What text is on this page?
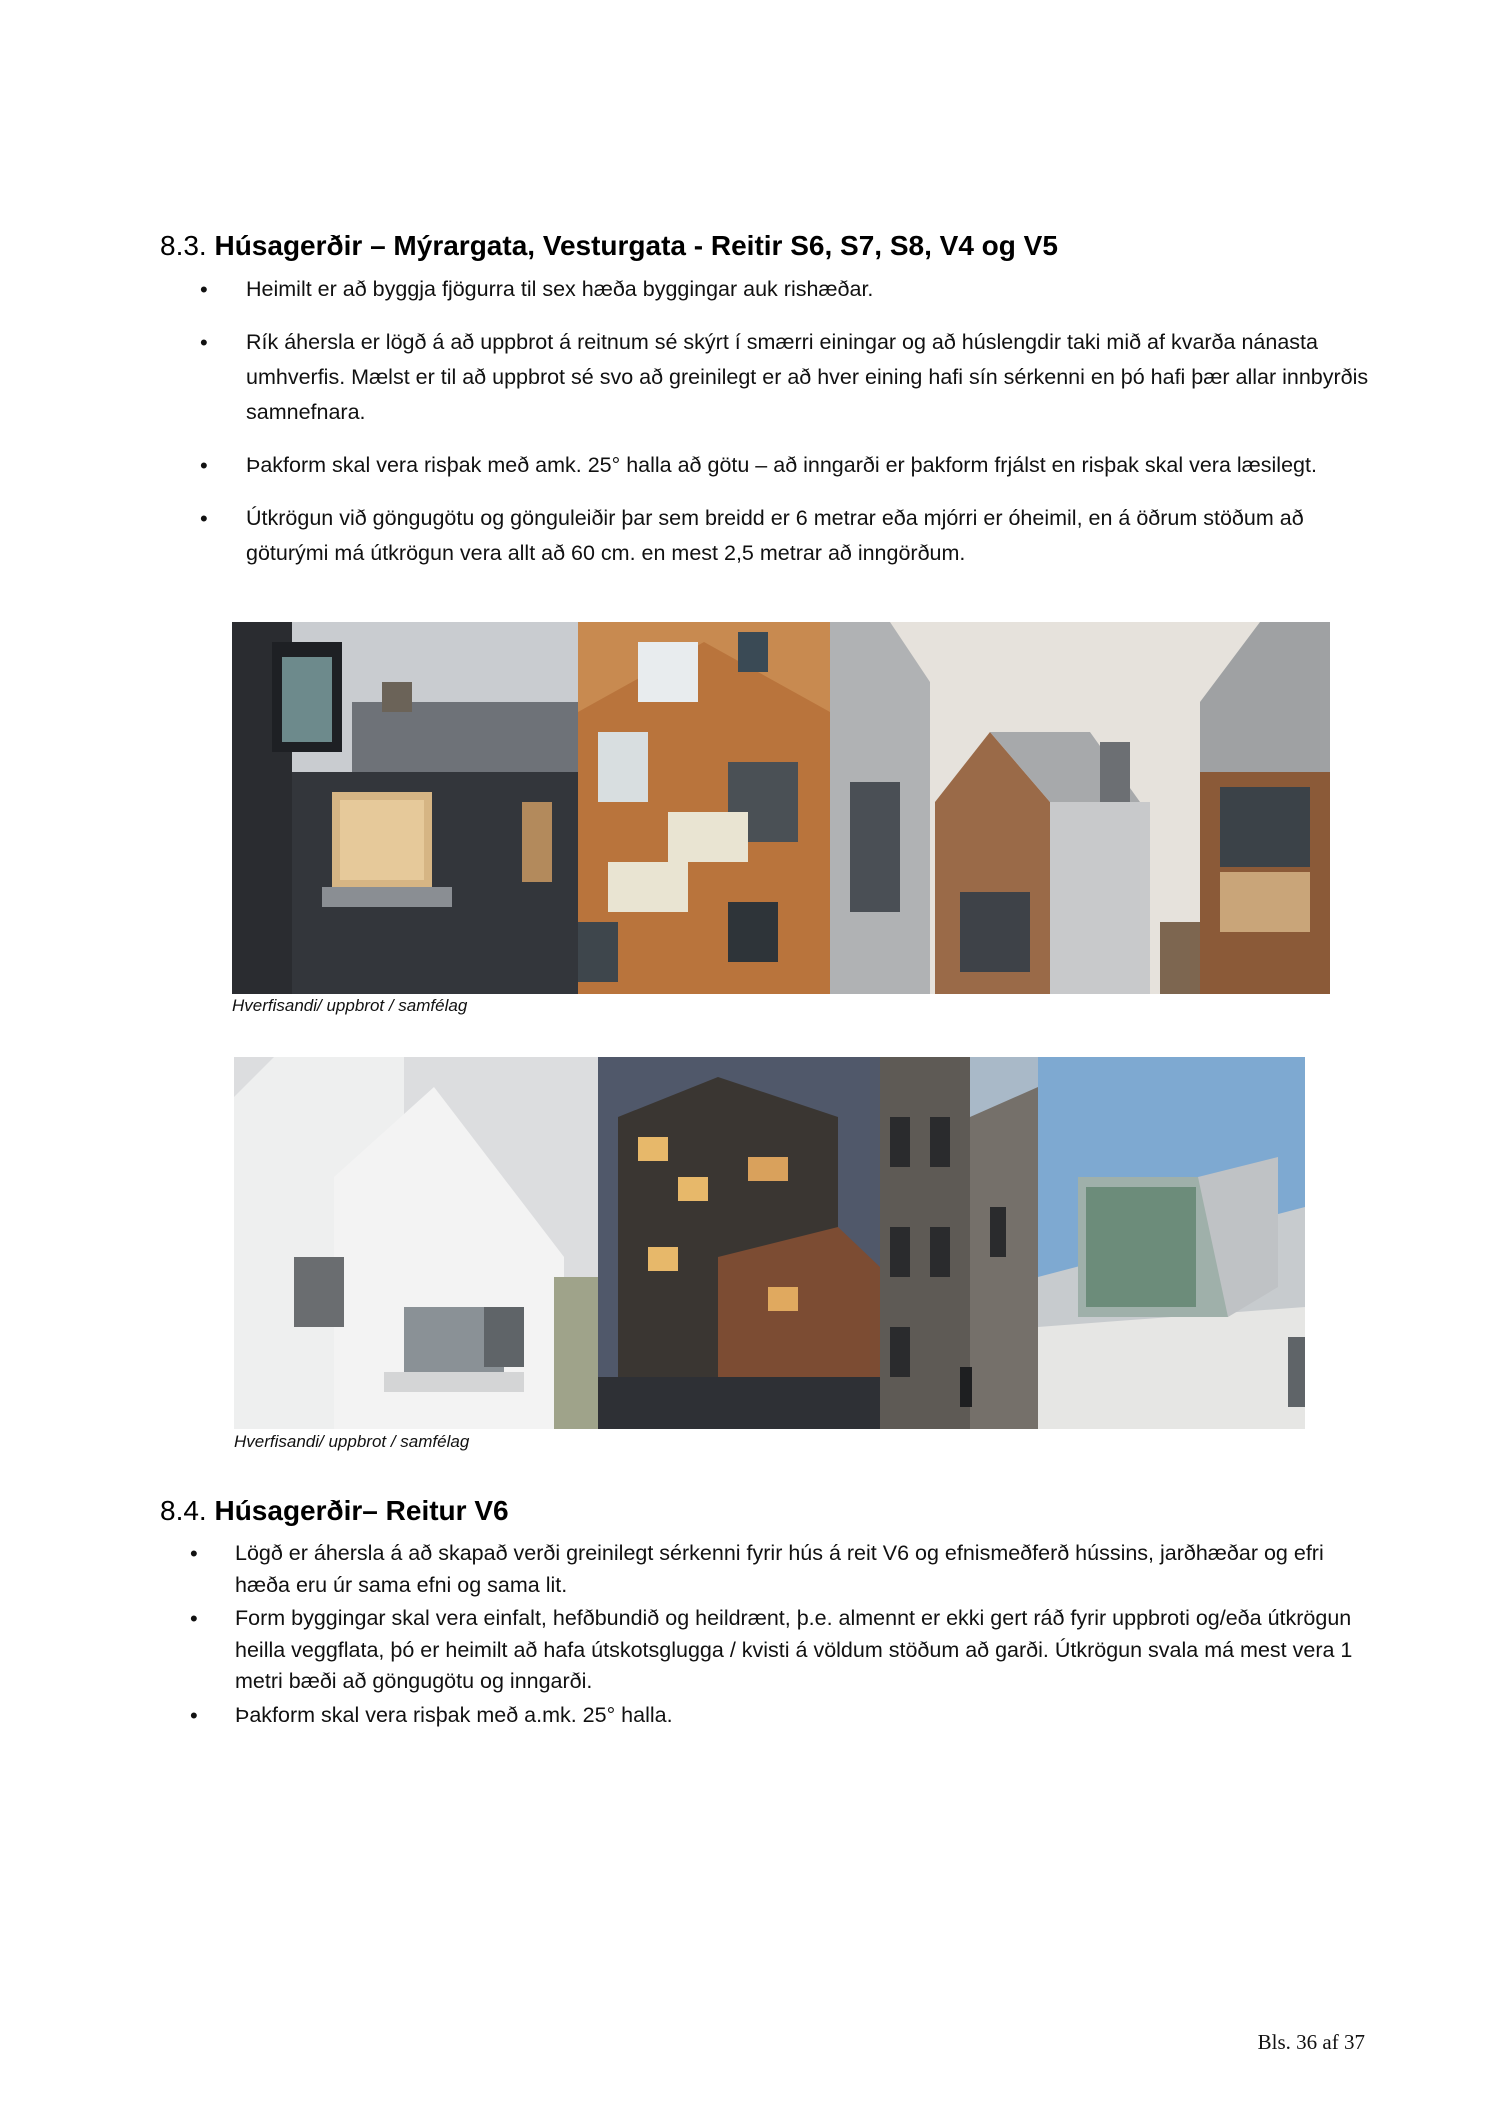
8.3. Húsagerðir – Mýrargata, Vesturgata - Reitir S6, S7, S8, V4 og V5
• Heimilt er að byggja fjögurra til sex hæða byggingar auk rishæðar.
• Rík áhersla er lögð á að uppbrot á reitnum sé skýrt í smærri einingar og að húslengdir taki mið af kvarða nánasta umhverfis. Mælst er til að uppbrot sé svo að greinilegt er að hver eining hafi sín sérkenni en þó hafi þær allar innbyrðis samnefnara.
• Þakform skal vera risþak með amk. 25° halla að götu – að inngarði er þakform frjálst en risþak skal vera læsilegt.
• Útkrögun við göngugötu og gönguleiðir þar sem breidd er 6 metrar eða mjórri er óheimil, en á öðrum stöðum að göturými má útkrögun vera allt að 60 cm. en mest 2,5 metrar að inngörðum.
Hverfisandi/ uppbrot / samfélag
Hverfisandi/ uppbrot / samfélag
8.4. Húsagerðir– Reitur V6
• Lögð er áhersla á að skapað verði greinilegt sérkenni fyrir hús á reit V6 og efnismeðferð hússins, jarðhæðar og efri hæða eru úr sama efni og sama lit.
• Form byggingar skal vera einfalt, hefðbundið og heildrænt, þ.e. almennt er ekki gert ráð fyrir uppbroti og/eða útkrögun heilla veggflata, þó er heimilt að hafa útskotsglugga / kvisti á völdum stöðum að garði. Útkrögun svala má mest vera 1 metri bæði að göngugötu og inngarði.
• Þakform skal vera risþak með a.mk. 25° halla.
Bls. 36 af 37
